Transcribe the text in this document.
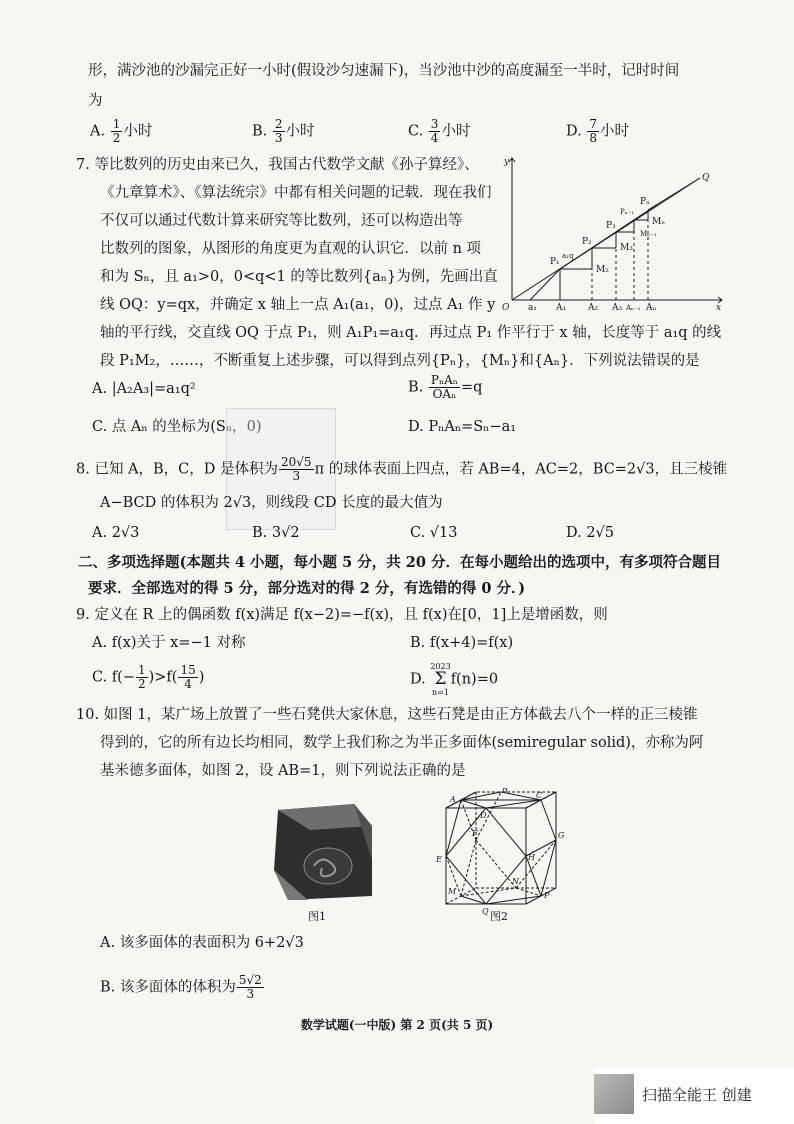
形，满沙池的沙漏完正好一小时(假设沙匀速漏下)，当沙池中沙的高度漏至一半时，记时时间
为
A. $\frac{1}{2}$ 小时	B. $\frac{2}{3}$ 小时	C. $\frac{3}{4}$ 小时	D. $\frac{7}{8}$ 小时
7. 等比数列的历史由来已久，我国古代数学文献《孙子算经》、
《九章算术》、《算法统宗》中都有相关问题的记载．现在我们
不仅可以通过代数计算来研究等比数列，还可以构造出等
比数列的图象，从图形的角度更为直观的认识它．以前 n 项
和为 Sₙ，且 a₁>0，0<q<1 的等比数列{aₙ}为例，先画出直
线 OQ：y=qx，并确定 x 轴上一点 A₁(a₁，0)，过点 A₁ 作 y
轴的平行线，交直线 OQ 于点 P₁，则 A₁P₁=a₁q．再过点 P₁ 作平行于 x 轴，长度等于 a₁q 的线
段 P₁M₂，……，不断重复上述步骤，可以得到点列{Pₙ}，{Mₙ}和{Aₙ}．下列说法错误的是
y
x
O
Q
a₁ A₁ A₂ A₃ Aₙ₋₁ Aₙ
P₁
P₂
P₃
Pₙ₋₁
Pₙ
M₂
M₃
Mₙ₋₁
Mₙ
a₁q
A. |A₂A₃|=a₁q²	B. $\frac{\text{PₙAₙ}}{\text{OAₙ}} =q$
C. 点 Aₙ 的坐标为(Sₙ，0)	D. PₙAₙ=Sₙ−a₁
8. 已知 A，B，C，D 是体积为 $\frac{20√5}{3}$ π 的球体表面上四点，若 AB=4，AC=2，BC=2√3，且三棱锥
A−BCD 的体积为 2√3，则线段 CD 长度的最大值为
A. 2√3	B. 3√2	C. √13	D. 2√5
二、多项选择题(本题共 4 小题，每小题 5 分，共 20 分．在每小题给出的选项中，有多项符合题目
要求．全部选对的得 5 分，部分选对的得 2 分，有选错的得 0 分．)
9. 定义在 R 上的偶函数 f(x)满足 f(x−2)=−f(x)，且 f(x)在[0，1]上是增函数，则
A. f(x)关于 x=−1 对称	B. f(x+4)=f(x)
C. $f(- \frac{1}{2} )>f( \frac{15}{4}$ )	D.
2023
Σ
n=1
f(n)=0
10. 如图 1，某广场上放置了一些石凳供大家休息，这些石凳是由正方体截去八个一样的正三棱锥
得到的，它的所有边长均相同，数学上我们称之为半正多面体(semiregular solid)，亦称为阿
基米德多面体，如图 2，设 AB=1，则下列说法正确的是
图1
A
B
C
D
E
F	G
H
M
N
P
Q 图2
A. 该多面体的表面积为 6+2√3
B. 该多面体的体积为 $\frac{5√2}{3}$
数学试题(一中版) 第 2 页(共 5 页)
扫描全能王 创建
